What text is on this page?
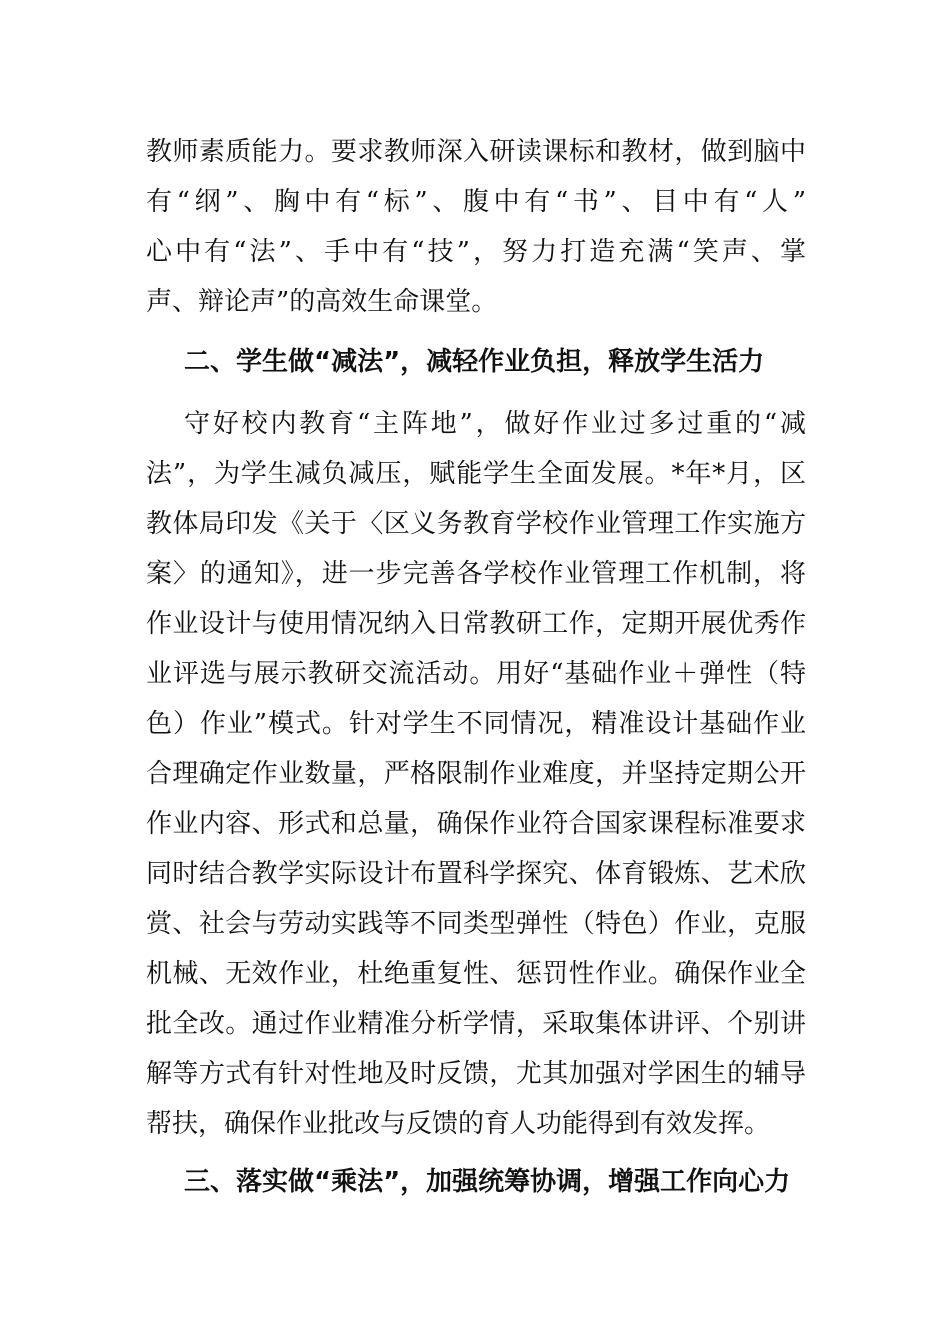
教师素质能力。要求教师深入研读课标和教材，做到脑中
有“纲”、胸中有“标”、腹中有“书”、目中有“人”
心中有“法”、手中有“技”，努力打造充满“笑声、掌
声、辩论声”的高效生命课堂。
二、学生做“减法”，减轻作业负担，释放学生活力
守好校内教育“主阵地”，做好作业过多过重的“减
法”，为学生减负减压，赋能学生全面发展。*年*月，区
教体局印发《关于〈区义务教育学校作业管理工作实施方
案〉的通知》，进一步完善各学校作业管理工作机制，将
作业设计与使用情况纳入日常教研工作，定期开展优秀作
业评选与展示教研交流活动。用好“基础作业＋弹性（特
色）作业”模式。针对学生不同情况，精准设计基础作业
合理确定作业数量，严格限制作业难度，并坚持定期公开
作业内容、形式和总量，确保作业符合国家课程标准要求
同时结合教学实际设计布置科学探究、体育锻炼、艺术欣
赏、社会与劳动实践等不同类型弹性（特色）作业，克服
机械、无效作业，杜绝重复性、惩罚性作业。确保作业全
批全改。通过作业精准分析学情，采取集体讲评、个别讲
解等方式有针对性地及时反馈，尤其加强对学困生的辅导
帮扶，确保作业批改与反馈的育人功能得到有效发挥。
三、落实做“乘法”，加强统筹协调，增强工作向心力
